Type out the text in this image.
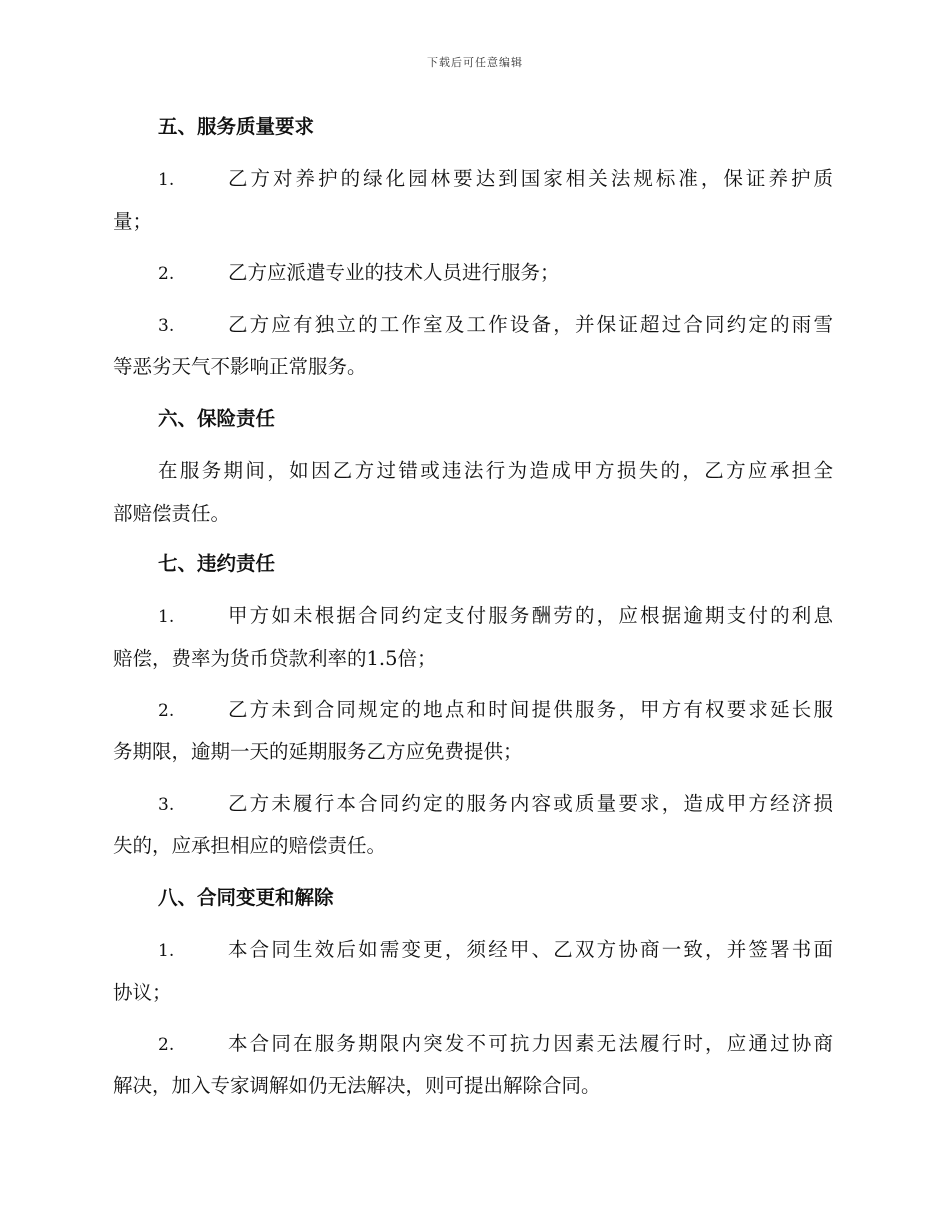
下载后可任意编辑
五、服务质量要求
1.	乙方对养护的绿化园林要达到国家相关法规标准，保证养护质
量；
2.	乙方应派遣专业的技术人员进行服务；
3.	乙方应有独立的工作室及工作设备，并保证超过合同约定的雨雪
等恶劣天气不影响正常服务。
六、保险责任
在服务期间，如因乙方过错或违法行为造成甲方损失的，乙方应承担全
部赔偿责任。
七、违约责任
1.	甲方如未根据合同约定支付服务酬劳的，应根据逾期支付的利息
赔偿，费率为货币贷款利率的1.5倍；
2.	乙方未到合同规定的地点和时间提供服务，甲方有权要求延长服
务期限，逾期一天的延期服务乙方应免费提供；
3.	乙方未履行本合同约定的服务内容或质量要求，造成甲方经济损
失的，应承担相应的赔偿责任。
八、合同变更和解除
1.	本合同生效后如需变更，须经甲、乙双方协商一致，并签署书面
协议；
2.	本合同在服务期限内突发不可抗力因素无法履行时，应通过协商
解决，加入专家调解如仍无法解决，则可提出解除合同。
